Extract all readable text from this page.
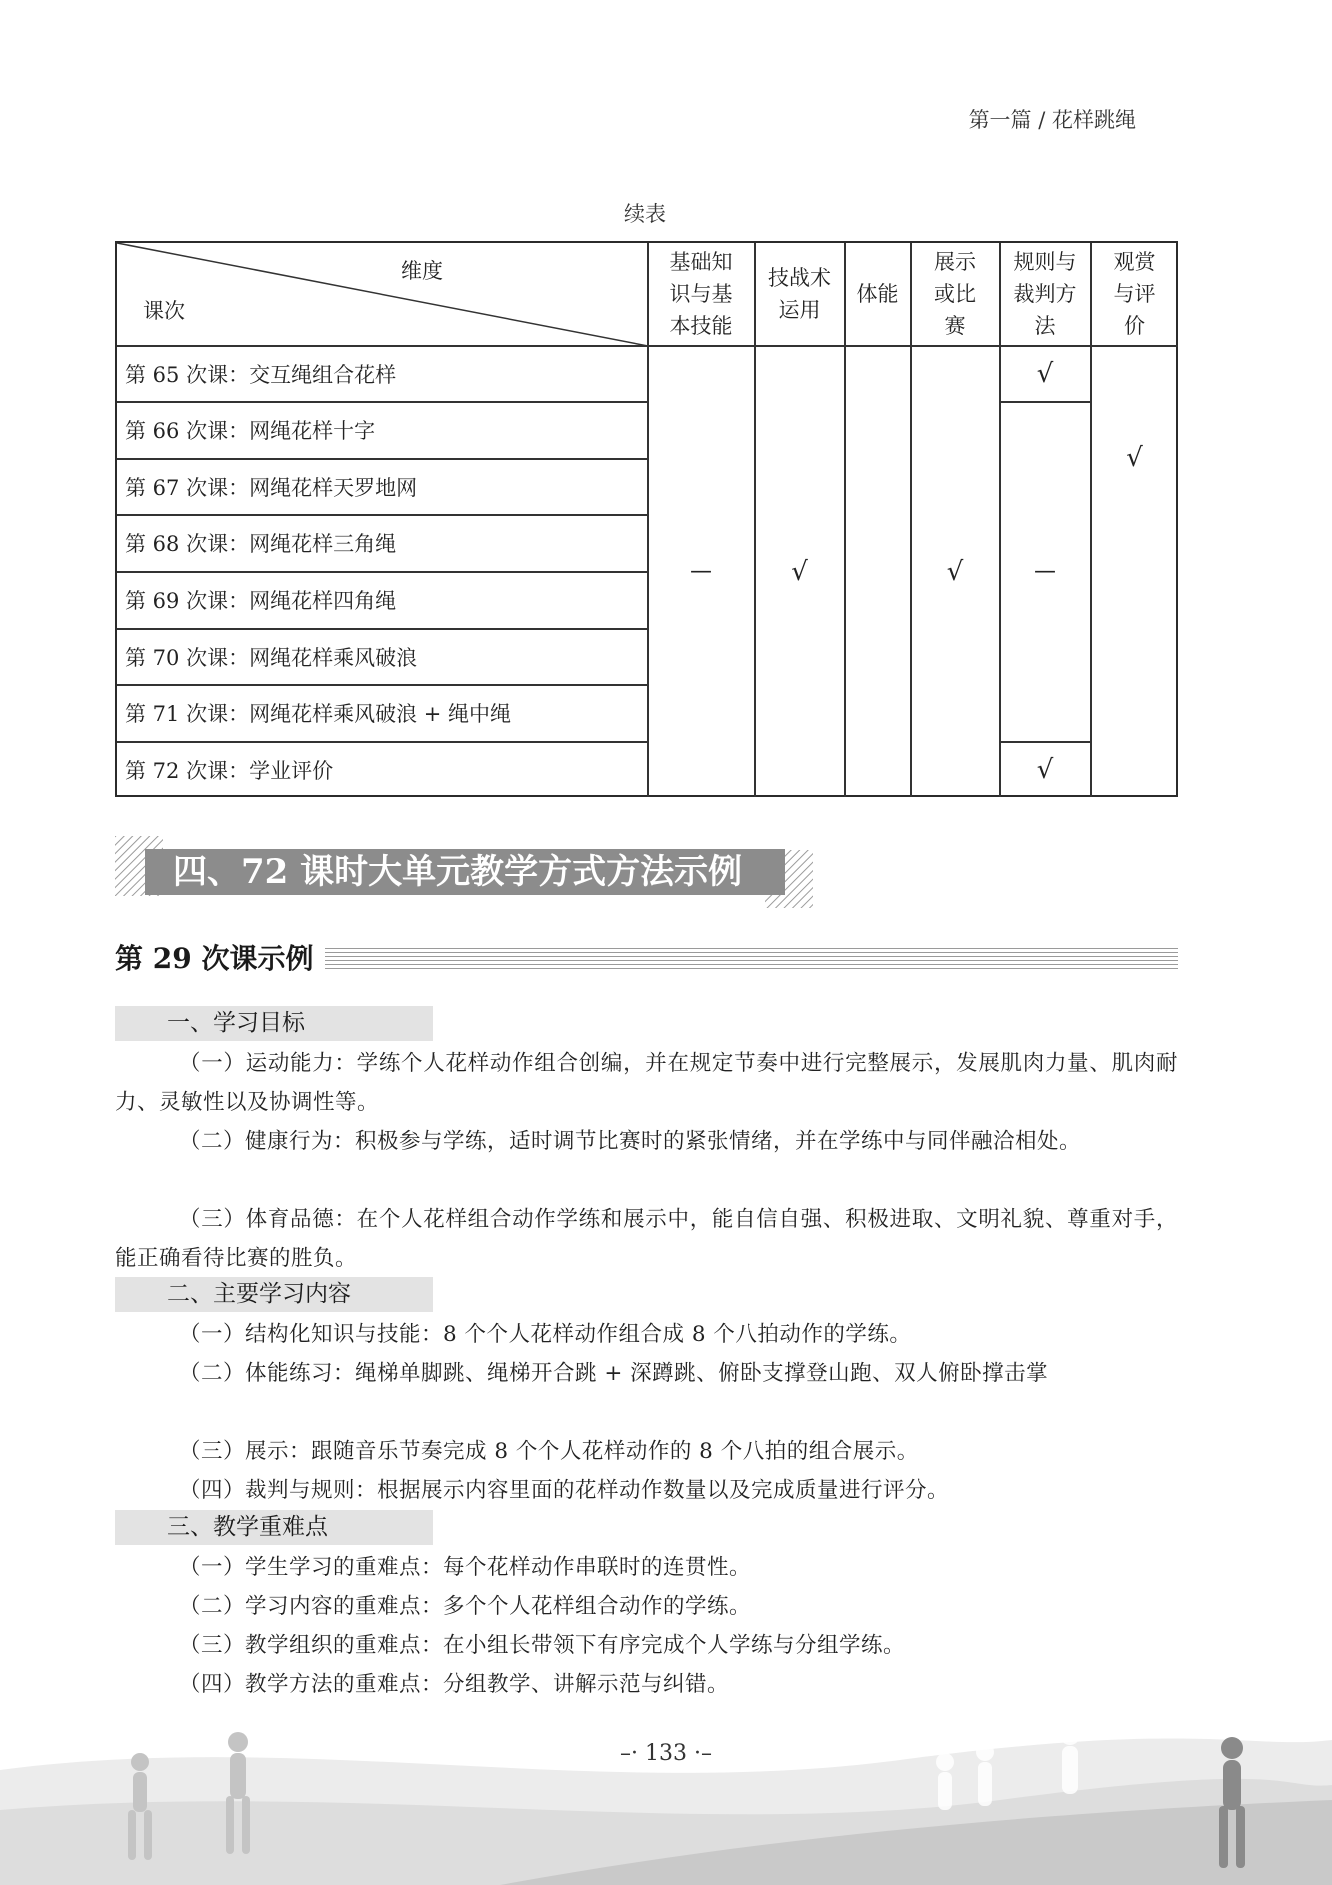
第一篇 / 花样跳绳
续表
维度
课次
基础知识与基本技能
技战术运用
体能
展示或比赛
规则与裁判方法
观赏与评价
第 65 次课：交互绳组合花样
第 66 次课：网绳花样十字
第 67 次课：网绳花样天罗地网
第 68 次课：网绳花样三角绳
第 69 次课：网绳花样四角绳
第 70 次课：网绳花样乘风破浪
第 71 次课：网绳花样乘风破浪 + 绳中绳
第 72 次课：学业评价
—	√	√
√
—
√
√
四、72 课时大单元教学方式方法示例
第 29 次课示例
一、学习目标
（一）运动能力：学练个人花样动作组合创编，并在规定节奏中进行完整展示，发展肌肉力量、肌肉耐力、灵敏性以及协调性等。
（二）健康行为：积极参与学练，适时调节比赛时的紧张情绪，并在学练中与同伴融洽相处。
（三）体育品德：在个人花样组合动作学练和展示中，能自信自强、积极进取、文明礼貌、尊重对手，能正确看待比赛的胜负。
二、主要学习内容
（一）结构化知识与技能：8 个个人花样动作组合成 8 个八拍动作的学练。
（二）体能练习：绳梯单脚跳、绳梯开合跳 + 深蹲跳、俯卧支撑登山跑、双人俯卧撑击掌
（三）展示：跟随音乐节奏完成 8 个个人花样动作的 8 个八拍的组合展示。
（四）裁判与规则：根据展示内容里面的花样动作数量以及完成质量进行评分。
三、教学重难点
（一）学生学习的重难点：每个花样动作串联时的连贯性。
（二）学习内容的重难点：多个个人花样组合动作的学练。
（三）教学组织的重难点：在小组长带领下有序完成个人学练与分组学练。
（四）教学方法的重难点：分组教学、讲解示范与纠错。
–· 133 ·–
